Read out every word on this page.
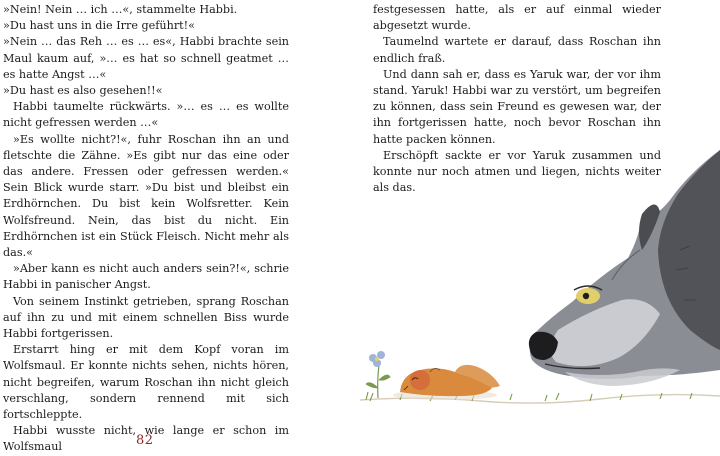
»Nein! Nein … ich …«, stammelte Habbi.

»Du hast uns in die Irre geführt!«

»Nein … das Reh … es … es«, Habbi brachte sein Maul kaum auf, »… es hat so schnell geatmet … es hatte Angst …«

»Du hast es also gesehen!!«

Habbi taumelte rückwärts. »… es … es wollte nicht gefressen werden …«

»Es wollte nicht?!«, fuhr Roschan ihn an und fletschte die Zähne. »Es gibt nur das eine oder das andere. Fressen oder gefressen werden.« Sein Blick wurde starr. »Du bist und bleibst ein Erdhörnchen. Du bist kein Wolfsretter. Kein Wolfsfreund. Nein, das bist du nicht. Ein Erdhörnchen ist ein Stück Fleisch. Nicht mehr als das.«

»Aber kann es nicht auch anders sein?!«, schrie Habbi in panischer Angst.

Von seinem Instinkt getrieben, sprang Roschan auf ihn zu und mit einem schnellen Biss wurde Habbi fortgerissen.

Erstarrt hing er mit dem Kopf voran im Wolfsmaul. Er konnte nichts sehen, nichts hören, nicht begreifen, warum Roschan ihn nicht gleich verschlang, sondern rennend mit sich fortschleppte.

Habbi wusste nicht, wie lange er schon im Wolfsmaul	82

festgesessen hatte, als er auf einmal wieder abgesetzt wurde.

Taumelnd wartete er darauf, dass Roschan ihn endlich fraß.

Und dann sah er, dass es Yaruk war, der vor ihm stand. Yaruk! Habbi war zu verstört, um begreifen zu können, dass sein Freund es gewesen war, der ihn fortgerissen hatte, noch bevor Roschan ihn hatte packen können.

Erschöpft sackte er vor Yaruk zusammen und konnte nur noch atmen und liegen, nichts weiter als das.
